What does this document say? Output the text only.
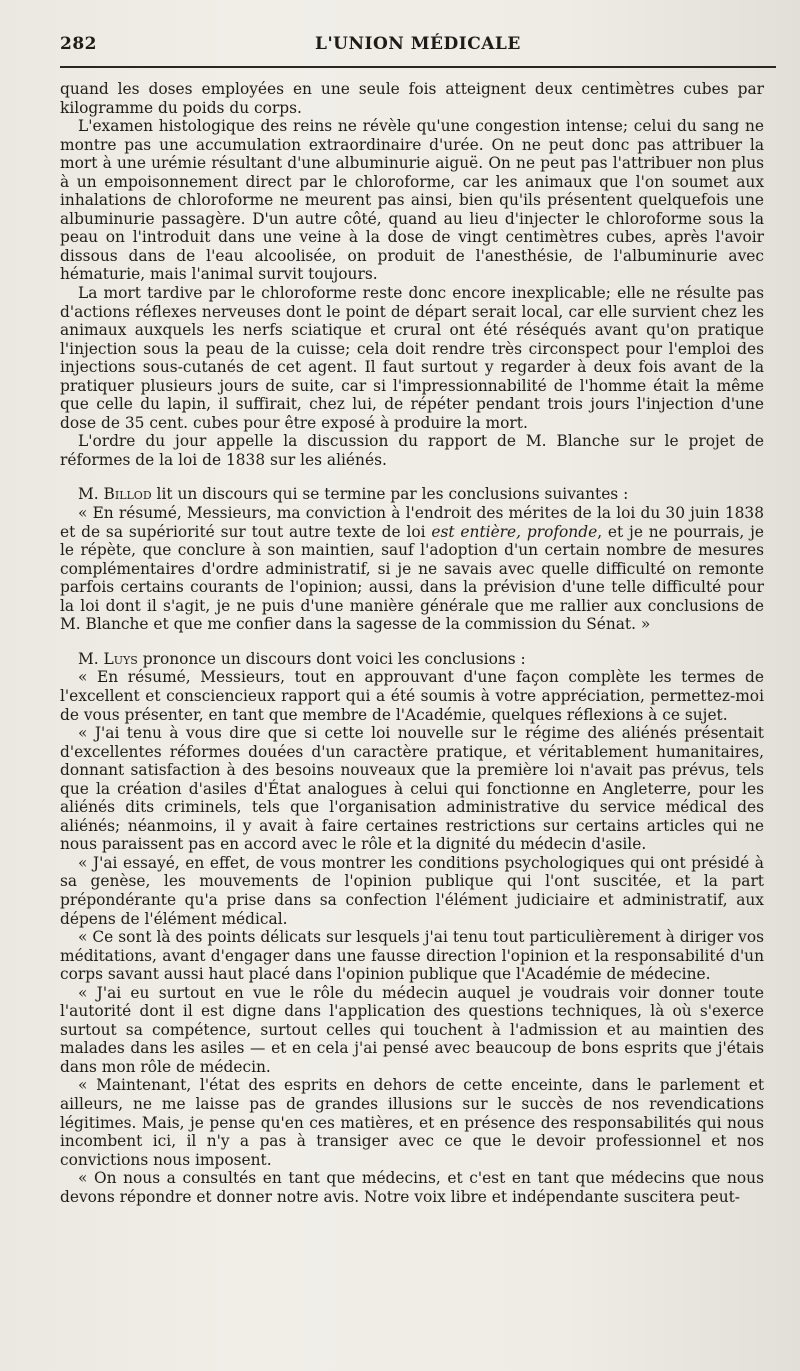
282	L'UNION MÉDICALE

quand les doses employées en une seule fois atteignent deux centimètres cubes par kilogramme du poids du corps.

L'examen histologique des reins ne révèle qu'une congestion intense; celui du sang ne montre pas une accumulation extraordinaire d'urée. On ne peut donc pas attribuer la mort à une urémie résultant d'une albuminurie aiguë. On ne peut pas l'attribuer non plus à un empoisonnement direct par le chloroforme, car les animaux que l'on soumet aux inhalations de chloroforme ne meurent pas ainsi, bien qu'ils présentent quelquefois une albuminurie passagère. D'un autre côté, quand au lieu d'injecter le chloroforme sous la peau on l'introduit dans une veine à la dose de vingt centimètres cubes, après l'avoir dissous dans de l'eau alcoolisée, on produit de l'anesthésie, de l'albuminurie avec hématurie, mais l'animal survit toujours.

La mort tardive par le chloroforme reste donc encore inexplicable; elle ne résulte pas d'actions réflexes nerveuses dont le point de départ serait local, car elle survient chez les animaux auxquels les nerfs sciatique et crural ont été réséqués avant qu'on pratique l'injection sous la peau de la cuisse; cela doit rendre très circonspect pour l'emploi des injections sous-cutanés de cet agent. Il faut surtout y regarder à deux fois avant de la pratiquer plusieurs jours de suite, car si l'impressionnabilité de l'homme était la même que celle du lapin, il suffirait, chez lui, de répéter pendant trois jours l'injection d'une dose de 35 cent. cubes pour être exposé à produire la mort.

L'ordre du jour appelle la discussion du rapport de M. Blanche sur le projet de réformes de la loi de 1838 sur les aliénés.

M. Billod lit un discours qui se termine par les conclusions suivantes :

« En résumé, Messieurs, ma conviction à l'endroit des mérites de la loi du 30 juin 1838 et de sa supériorité sur tout autre texte de loi est entière, profonde, et je ne pourrais, je le répète, que conclure à son maintien, sauf l'adoption d'un certain nombre de mesures complémentaires d'ordre administratif, si je ne savais avec quelle difficulté on remonte parfois certains courants de l'opinion; aussi, dans la prévision d'une telle difficulté pour la loi dont il s'agit, je ne puis d'une manière générale que me rallier aux conclusions de M. Blanche et que me confier dans la sagesse de la commission du Sénat. »

M. Luys prononce un discours dont voici les conclusions :

« En résumé, Messieurs, tout en approuvant d'une façon complète les termes de l'excellent et consciencieux rapport qui a été soumis à votre appréciation, permettez-moi de vous présenter, en tant que membre de l'Académie, quelques réflexions à ce sujet.

« J'ai tenu à vous dire que si cette loi nouvelle sur le régime des aliénés présentait d'excellentes réformes douées d'un caractère pratique, et véritablement humanitaires, donnant satisfaction à des besoins nouveaux que la première loi n'avait pas prévus, tels que la création d'asiles d'État analogues à celui qui fonctionne en Angleterre, pour les aliénés dits criminels, tels que l'organisation administrative du service médical des aliénés; néanmoins, il y avait à faire certaines restrictions sur certains articles qui ne nous paraissent pas en accord avec le rôle et la dignité du médecin d'asile.

« J'ai essayé, en effet, de vous montrer les conditions psychologiques qui ont présidé à sa genèse, les mouvements de l'opinion publique qui l'ont suscitée, et la part prépondérante qu'a prise dans sa confection l'élément judiciaire et administratif, aux dépens de l'élément médical.

« Ce sont là des points délicats sur lesquels j'ai tenu tout particulièrement à diriger vos méditations, avant d'engager dans une fausse direction l'opinion et la responsabilité d'un corps savant aussi haut placé dans l'opinion publique que l'Académie de médecine.

« J'ai eu surtout en vue le rôle du médecin auquel je voudrais voir donner toute l'autorité dont il est digne dans l'application des questions techniques, là où s'exerce surtout sa compétence, surtout celles qui touchent à l'admission et au maintien des malades dans les asiles — et en cela j'ai pensé avec beaucoup de bons esprits que j'étais dans mon rôle de médecin.

« Maintenant, l'état des esprits en dehors de cette enceinte, dans le parlement et ailleurs, ne me laisse pas de grandes illusions sur le succès de nos revendications légitimes. Mais, je pense qu'en ces matières, et en présence des responsabilités qui nous incombent ici, il n'y a pas à transiger avec ce que le devoir professionnel et nos convictions nous imposent.

« On nous a consultés en tant que médecins, et c'est en tant que médecins que nous devons répondre et donner notre avis. Notre voix libre et indépendante suscitera peut-
